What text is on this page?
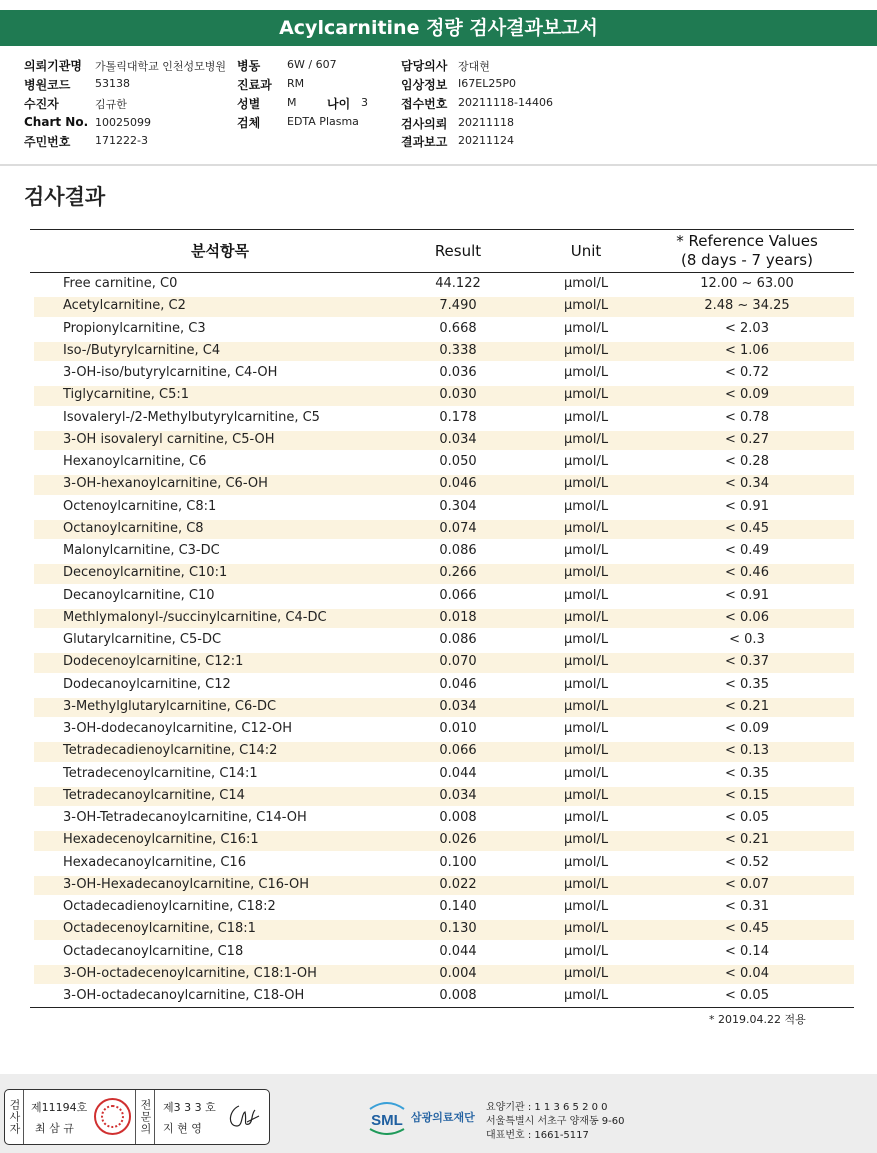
Acylcarnitine 정량 검사결과보고서
의뢰기관명 가톨릭대학교 인천성모병원
병원코드 53138
수진자	김규한
Chart No. 10025099
주민번호 171222-3
병동 6W / 607
진료과 RM
성별 M	나이 3
검체 EDTA Plasma
담당의사 장대현
임상정보 I67EL25P0
접수번호 20211118-14406
검사의뢰 20211118
결과보고 20211124
검사결과
분석항목	Result	Unit
* Reference Values
(8 days - 7 years)
Free carnitine, C0	44.122	μmol/L	12.00 ~ 63.00
Acetylcarnitine, C2	7.490	μmol/L	2.48 ~ 34.25
Propionylcarnitine, C3	0.668	μmol/L	< 2.03
Iso-/Butyrylcarnitine, C4	0.338	μmol/L	< 1.06
3-OH-iso/butyrylcarnitine, C4-OH	0.036	μmol/L	< 0.72
Tiglycarnitine, C5:1	0.030	μmol/L	< 0.09
Isovaleryl-/2-Methylbutyrylcarnitine, C5	0.178	μmol/L	< 0.78
3-OH isovaleryl carnitine, C5-OH	0.034	μmol/L	< 0.27
Hexanoylcarnitine, C6	0.050	μmol/L	< 0.28
3-OH-hexanoylcarnitine, C6-OH	0.046	μmol/L	< 0.34
Octenoylcarnitine, C8:1	0.304	μmol/L	< 0.91
Octanoylcarnitine, C8	0.074	μmol/L	< 0.45
Malonylcarnitine, C3-DC	0.086	μmol/L	< 0.49
Decenoylcarnitine, C10:1	0.266	μmol/L	< 0.46
Decanoylcarnitine, C10	0.066	μmol/L	< 0.91
Methlymalonyl-/succinylcarnitine, C4-DC	0.018	μmol/L	< 0.06
Glutarylcarnitine, C5-DC	0.086	μmol/L	< 0.3
Dodecenoylcarnitine, C12:1	0.070	μmol/L	< 0.37
Dodecanoylcarnitine, C12	0.046	μmol/L	< 0.35
3-Methylglutarylcarnitine, C6-DC	0.034	μmol/L	< 0.21
3-OH-dodecanoylcarnitine, C12-OH	0.010	μmol/L	< 0.09
Tetradecadienoylcarnitine, C14:2	0.066	μmol/L	< 0.13
Tetradecenoylcarnitine, C14:1	0.044	μmol/L	< 0.35
Tetradecanoylcarnitine, C14	0.034	μmol/L	< 0.15
3-OH-Tetradecanoylcarnitine, C14-OH	0.008	μmol/L	< 0.05
Hexadecenoylcarnitine, C16:1	0.026	μmol/L	< 0.21
Hexadecanoylcarnitine, C16	0.100	μmol/L	< 0.52
3-OH-Hexadecanoylcarnitine, C16-OH	0.022	μmol/L	< 0.07
Octadecadienoylcarnitine, C18:2	0.140	μmol/L	< 0.31
Octadecenoylcarnitine, C18:1	0.130	μmol/L	< 0.45
Octadecanoylcarnitine, C18	0.044	μmol/L	< 0.14
3-OH-octadecenoylcarnitine, C18:1-OH	0.004	μmol/L	< 0.04
3-OH-octadecanoylcarnitine, C18-OH	0.008	μmol/L	< 0.05
* 2019.04.22 적용
검사자 제11194호
최 삼 규	전문의 제3 3 3 호
지 현 영	SML 삼광의료재단
요양기관 : 1 1 3 6 5 2 0 0
서울특별시 서초구 양재동 9-60
대표번호 : 1661-5117
